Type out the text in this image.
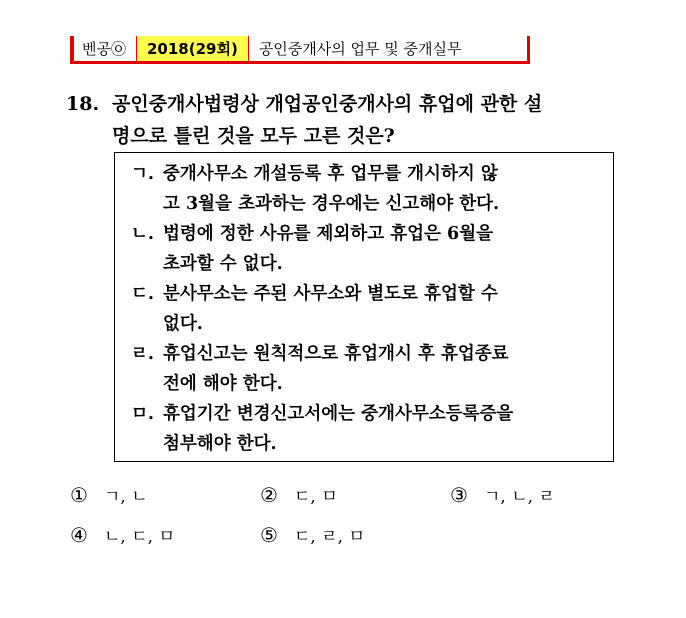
벤공㉧	2018(29회)	공인중개사의 업무 및 중개실무
18. 공인중개사법령상 개업공인중개사의 휴업에 관한 설
명으로 틀린 것을 모두 고른 것은?
ㄱ. 중개사무소 개설등록 후 업무를 개시하지 않
고 3월을 초과하는 경우에는 신고해야 한다.
ㄴ. 법령에 정한 사유를 제외하고 휴업은 6월을
초과할 수 없다.
ㄷ. 분사무소는 주된 사무소와 별도로 휴업할 수
없다.
ㄹ. 휴업신고는 원칙적으로 휴업개시 후 휴업종료
전에 해야 한다.
ㅁ. 휴업기간 변경신고서에는 중개사무소등록증을
첨부해야 한다.
① ㄱ, ㄴ	② ㄷ, ㅁ	③ ㄱ, ㄴ, ㄹ
④ ㄴ, ㄷ, ㅁ	⑤ ㄷ, ㄹ, ㅁ
